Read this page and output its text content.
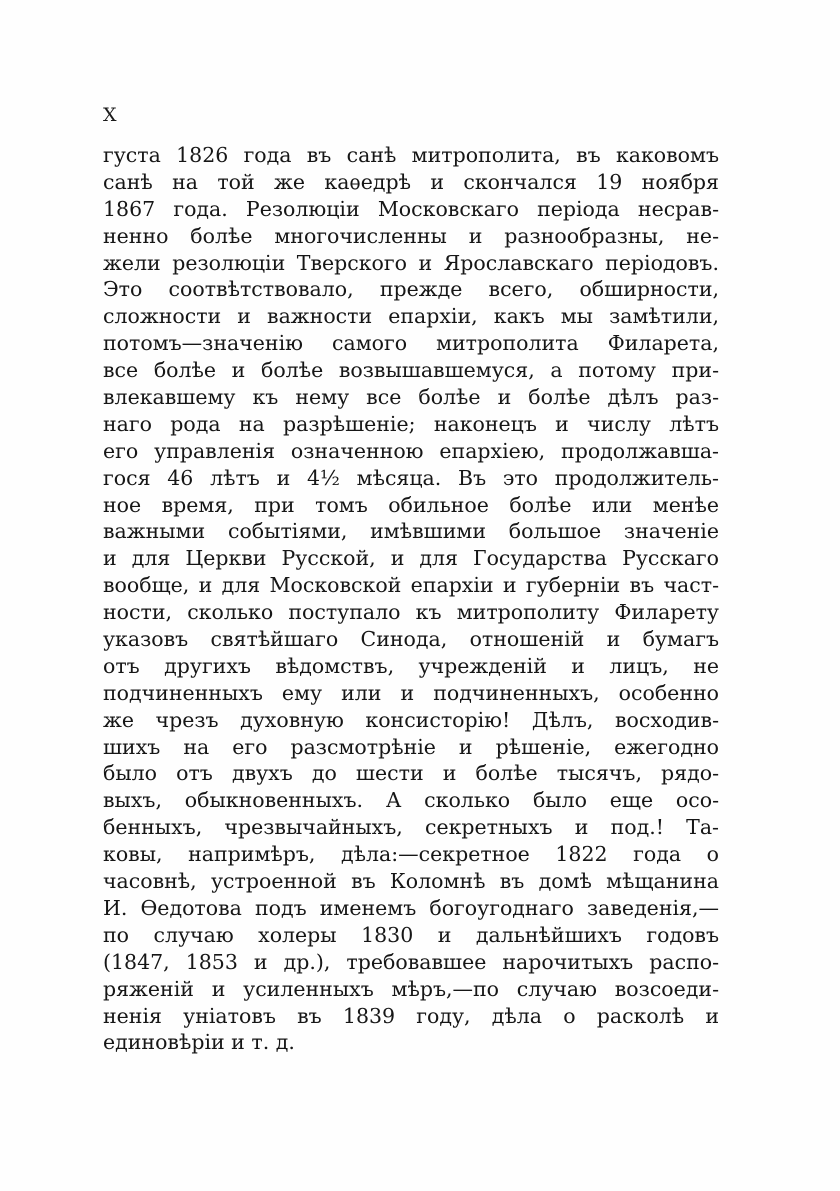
X
густа 1826 года въ санѣ митрополита, въ каковомъ
санѣ на той же каѳедрѣ и скончался 19 ноября
1867 года. Резолюціи Московскаго періода несрав-
ненно болѣе многочисленны и разнообразны, не-
жели резолюціи Тверского и Ярославскаго періодовъ.
Это соотвѣтствовало, прежде всего, обширности,
сложности и важности епархіи, какъ мы замѣтили,
потомъ—значенію самого митрополита Филарета,
все болѣе и болѣе возвышавшемуся, а потому при-
влекавшему къ нему все болѣе и болѣе дѣлъ раз-
наго рода на разрѣшеніе; наконецъ и числу лѣтъ
его управленія означенною епархіею, продолжавша-
гося 46 лѣтъ и 4½ мѣсяца. Въ это продолжитель-
ное время, при томъ обильное болѣе или менѣе
важными событіями, имѣвшими большое значеніе
и для Церкви Русской, и для Государства Русскаго
вообще, и для Московской епархіи и губерніи въ част-
ности, сколько поступало къ митрополиту Филарету
указовъ святѣйшаго Синода, отношеній и бумагъ
отъ другихъ вѣдомствъ, учрежденій и лицъ, не
подчиненныхъ ему или и подчиненныхъ, особенно
же чрезъ духовную консисторію! Дѣлъ, восходив-
шихъ на его разсмотрѣніе и рѣшеніе, ежегодно
было отъ двухъ до шести и болѣе тысячъ, рядо-
выхъ, обыкновенныхъ. А сколько было еще осо-
бенныхъ, чрезвычайныхъ, секретныхъ и под.! Та-
ковы, напримѣръ, дѣла:—секретное 1822 года о
часовнѣ, устроенной въ Коломнѣ въ домѣ мѣщанина
И. Ѳедотова подъ именемъ богоугоднаго заведенія,—
по случаю холеры 1830 и дальнѣйшихъ годовъ
(1847, 1853 и др.), требовавшее нарочитыхъ распо-
ряженій и усиленныхъ мѣръ,—по случаю возсоеди-
ненія уніатовъ въ 1839 году, дѣла о расколѣ и
единовѣріи и т. д.
